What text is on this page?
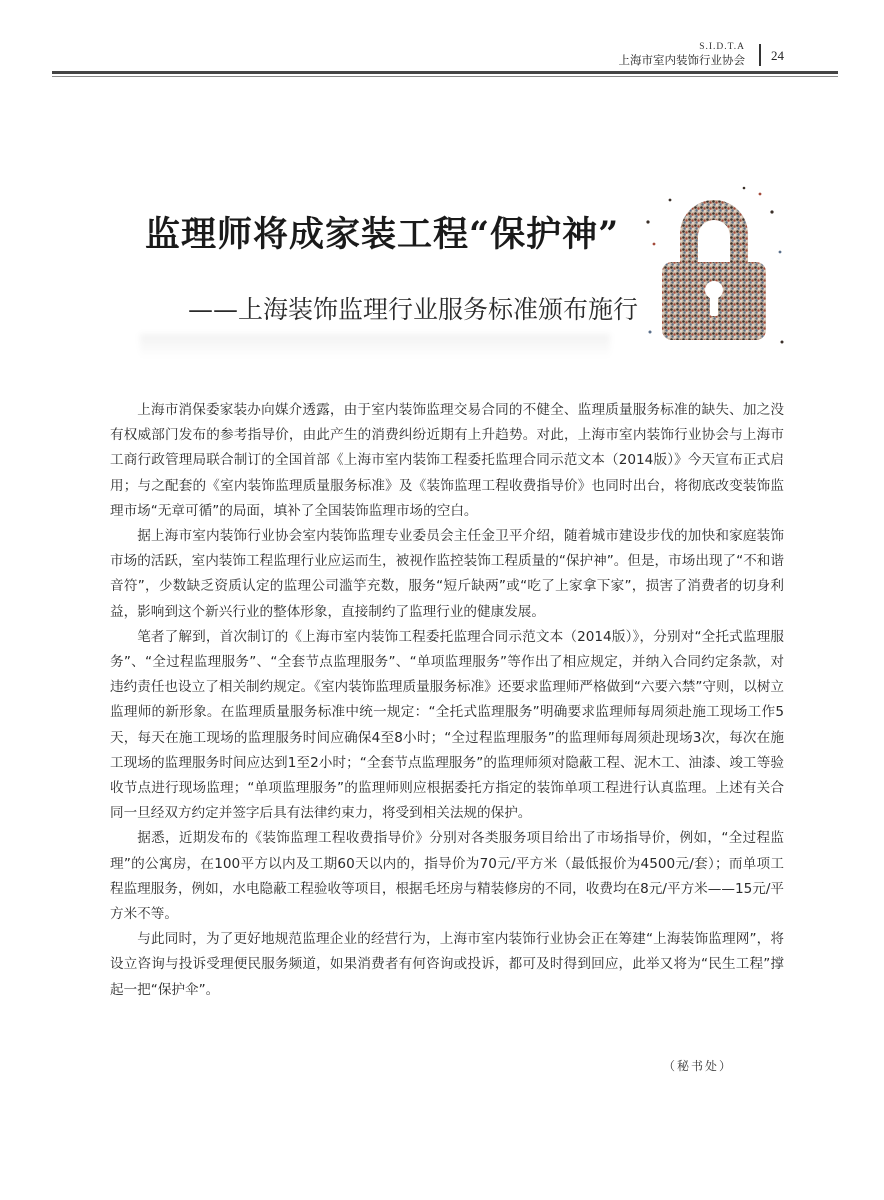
S.I.D.T.A
上海市室内装饰行业协会 24
监理师将成家装工程“保护神”
——上海装饰监理行业服务标准颁布施行

上海市消保委家装办向媒介透露，由于室内装饰监理交易合同的不健全、监理质量服务标准的缺失、加之没有权威部门发布的参考指导价，由此产生的消费纠纷近期有上升趋势。对此，上海市室内装饰行业协会与上海市工商行政管理局联合制订的全国首部《上海市室内装饰工程委托监理合同示范文本（2014版）》今天宣布正式启用；与之配套的《室内装饰监理质量服务标准》及《装饰监理工程收费指导价》也同时出台，将彻底改变装饰监理市场“无章可循”的局面，填补了全国装饰监理市场的空白。

据上海市室内装饰行业协会室内装饰监理专业委员会主任金卫平介绍，随着城市建设步伐的加快和家庭装饰市场的活跃，室内装饰工程监理行业应运而生，被视作监控装饰工程质量的“保护神”。但是，市场出现了“不和谐音符”，少数缺乏资质认定的监理公司滥竽充数，服务“短斤缺两”或“吃了上家拿下家”，损害了消费者的切身利益，影响到这个新兴行业的整体形象，直接制约了监理行业的健康发展。

笔者了解到，首次制订的《上海市室内装饰工程委托监理合同示范文本（2014版）》，分别对“全托式监理服务”、“全过程监理服务”、“全套节点监理服务”、“单项监理服务”等作出了相应规定，并纳入合同约定条款，对违约责任也设立了相关制约规定。《室内装饰监理质量服务标准》还要求监理师严格做到“六要六禁”守则，以树立监理师的新形象。在监理质量服务标准中统一规定：“全托式监理服务”明确要求监理师每周须赴施工现场工作5天，每天在施工现场的监理服务时间应确保4至8小时；“全过程监理服务”的监理师每周须赴现场3次，每次在施工现场的监理服务时间应达到1至2小时；“全套节点监理服务”的监理师须对隐蔽工程、泥木工、油漆、竣工等验收节点进行现场监理；“单项监理服务”的监理师则应根据委托方指定的装饰单项工程进行认真监理。上述有关合同一旦经双方约定并签字后具有法律约束力，将受到相关法规的保护。

据悉，近期发布的《装饰监理工程收费指导价》分别对各类服务项目给出了市场指导价，例如，“全过程监理”的公寓房，在100平方以内及工期60天以内的，指导价为70元/平方米（最低报价为4500元/套）；而单项工程监理服务，例如，水电隐蔽工程验收等项目，根据毛坯房与精装修房的不同，收费均在8元/平方米——15元/平方米不等。

与此同时，为了更好地规范监理企业的经营行为，上海市室内装饰行业协会正在筹建“上海装饰监理网”，将设立咨询与投诉受理便民服务频道，如果消费者有何咨询或投诉，都可及时得到回应，此举又将为“民生工程”撑起一把“保护伞”。

（秘书处）
